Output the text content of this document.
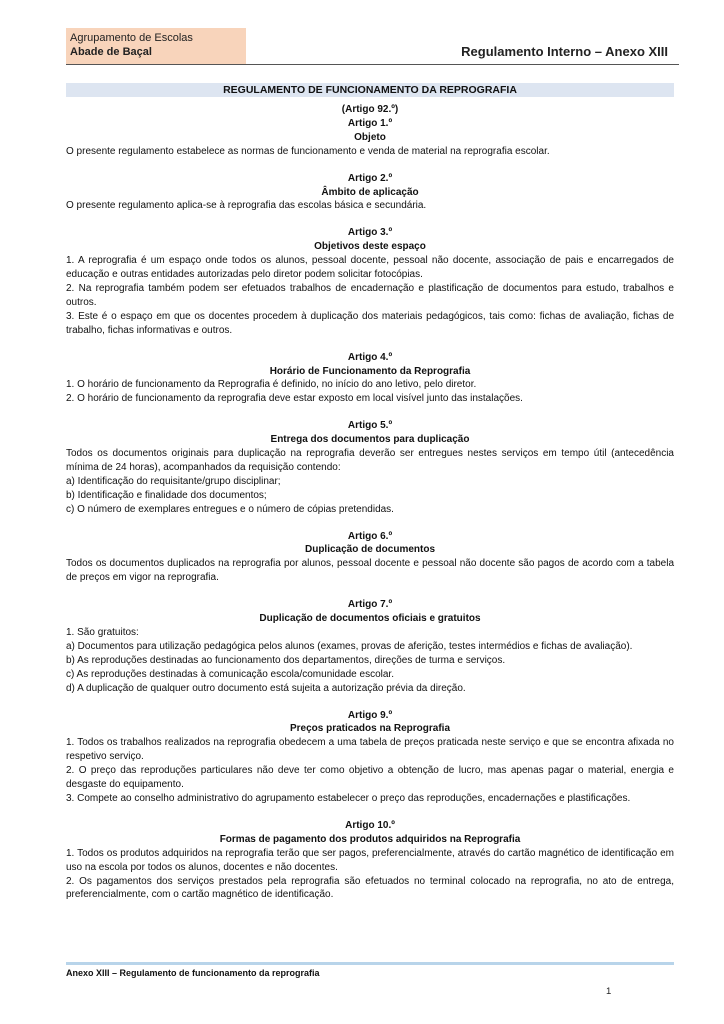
Agrupamento de Escolas
Abade de Baçal	Regulamento Interno – Anexo XIII
REGULAMENTO DE FUNCIONAMENTO DA REPROGRAFIA
(Artigo 92.º)
Artigo 1.º
Objeto
O presente regulamento estabelece as normas de funcionamento e venda de material na reprografia escolar.
Artigo 2.º
Âmbito de aplicação
O presente regulamento aplica-se à reprografia das escolas básica e secundária.
Artigo 3.º
Objetivos deste espaço
1. A reprografia é um espaço onde todos os alunos, pessoal docente, pessoal não docente, associação de pais e encarregados de educação e outras entidades autorizadas pelo diretor podem solicitar fotocópias.
2. Na reprografia também podem ser efetuados trabalhos de encadernação e plastificação de documentos para estudo, trabalhos e outros.
3. Este é o espaço em que os docentes procedem à duplicação dos materiais pedagógicos, tais como: fichas de avaliação, fichas de trabalho, fichas informativas e outros.
Artigo 4.º
Horário de Funcionamento da Reprografia
1. O horário de funcionamento da Reprografia é definido, no início do ano letivo, pelo diretor.
2. O horário de funcionamento da reprografia deve estar exposto em local visível junto das instalações.
Artigo 5.º
Entrega dos documentos para duplicação
Todos os documentos originais para duplicação na reprografia deverão ser entregues nestes serviços em tempo útil (antecedência mínima de 24 horas), acompanhados da requisição contendo:
a) Identificação do requisitante/grupo disciplinar;
b) Identificação e finalidade dos documentos;
c) O número de exemplares entregues e o número de cópias pretendidas.
Artigo 6.º
Duplicação de documentos
Todos os documentos duplicados na reprografia por alunos, pessoal docente e pessoal não docente são pagos de acordo com a tabela de preços em vigor na reprografia.
Artigo 7.º
Duplicação de documentos oficiais e gratuitos
1. São gratuitos:
a) Documentos para utilização pedagógica pelos alunos (exames, provas de aferição, testes intermédios e fichas de avaliação).
b) As reproduções destinadas ao funcionamento dos departamentos, direções de turma e serviços.
c) As reproduções destinadas à comunicação escola/comunidade escolar.
d) A duplicação de qualquer outro documento está sujeita a autorização prévia da direção.
Artigo 9.º
Preços praticados na Reprografia
1. Todos os trabalhos realizados na reprografia obedecem a uma tabela de preços praticada neste serviço e que se encontra afixada no respetivo serviço.
2. O preço das reproduções particulares não deve ter como objetivo a obtenção de lucro, mas apenas pagar o material, energia e desgaste do equipamento.
3. Compete ao conselho administrativo do agrupamento estabelecer o preço das reproduções, encadernações e plastificações.
Artigo 10.º
Formas de pagamento dos produtos adquiridos na Reprografia
1. Todos os produtos adquiridos na reprografia terão que ser pagos, preferencialmente, através do cartão magnético de identificação em uso na escola por todos os alunos, docentes e não docentes.
2. Os pagamentos dos serviços prestados pela reprografia são efetuados no terminal colocado na reprografia, no ato de entrega, preferencialmente, com o cartão magnético de identificação.
Anexo XIII – Regulamento de funcionamento da reprografia
1
